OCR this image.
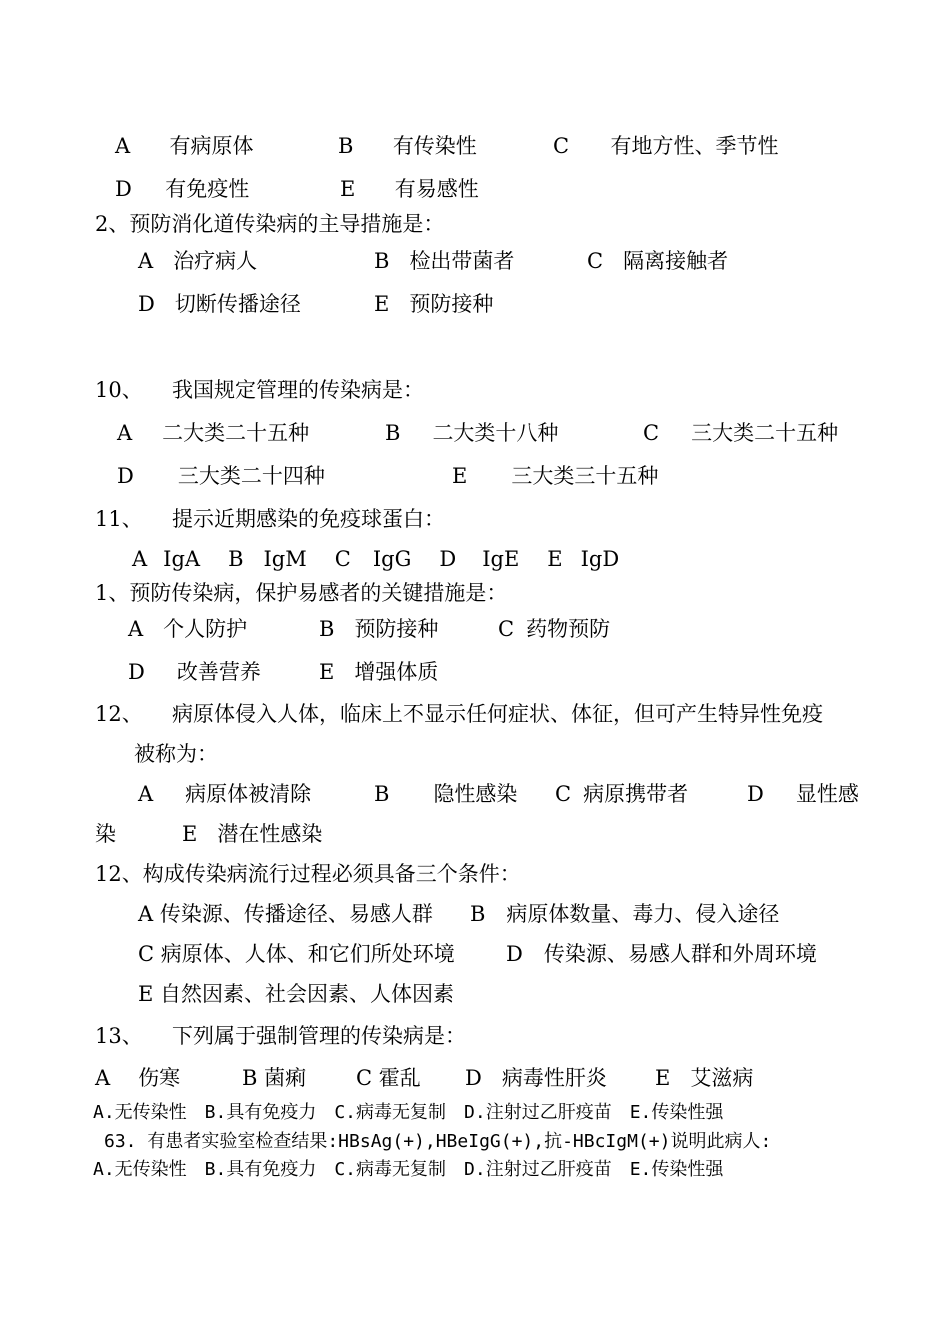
A 有病原体	B 有传染性	C 有地方性、季节性
D 有免疫性	E 有易感性
2、预防消化道传染病的主导措施是：
A 治疗病人	B 检出带菌者	C 隔离接触者
D 切断传播途径	E 预防接种
10、 我国规定管理的传染病是：
A 二大类二十五种	B 二大类十八种	C 三大类二十五种
D 三大类二十四种	E 三大类三十五种
11、 提示近期感染的免疫球蛋白：
A IgA B IgM C IgG D IgE E IgD
1、预防传染病，保护易感者的关键措施是：
A 个人防护	B 预防接种	C 药物预防
D 改善营养	E 增强体质
12、 病原体侵入人体，临床上不显示任何症状、体征，但可产生特异性免疫
被称为：
A 病原体被清除	B 隐性感染 C 病原携带者	D 显性感
染	E 潜在性感染
12、构成传染病流行过程必须具备三个条件：
A 传染源、传播途径、易感人群 B　病原体数量、毒力、侵入途径
C 病原体、人体、和它们所处环境 D　传染源、易感人群和外周环境
E 自然因素、社会因素、人体因素
13、 下列属于强制管理的传染病是：
A 伤寒	B 菌痢 C 霍乱 D 病毒性肝炎 E 艾滋病
A.无传染性　B.具有免疫力　C.病毒无复制　D.注射过乙肝疫苗　E.传染性强
63. 有患者实验室检查结果:HBsAg(+),HBeIgG(+),抗-HBcIgM(+)说明此病人:
A.无传染性　B.具有免疫力　C.病毒无复制　D.注射过乙肝疫苗　E.传染性强
